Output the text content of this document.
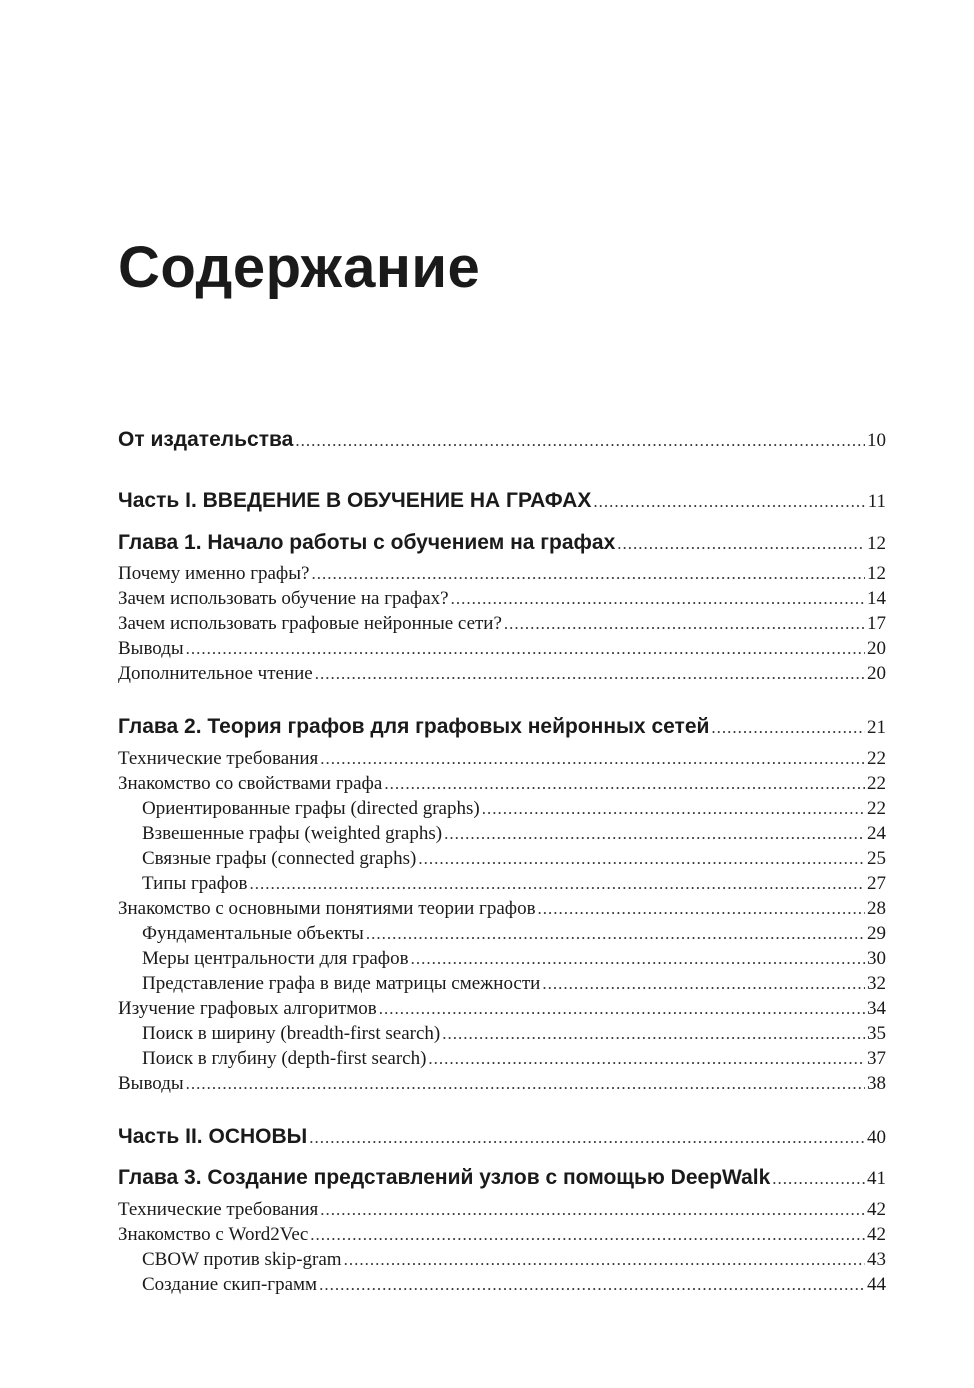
Содержание
От издательства .....	10
Часть I. ВВЕДЕНИЕ В ОБУЧЕНИЕ НА ГРАФАХ .....	11
Глава 1. Начало работы с обучением на графах .....	12
Почему именно графы? .....	12
Зачем использовать обучение на графах? .....	14
Зачем использовать графовые нейронные сети? .....	17
Выводы .....	20
Дополнительное чтение .....	20
Глава 2. Теория графов для графовых нейронных сетей .....	21
Технические требования .....	22
Знакомство со свойствами графа .....	22
Ориентированные графы (directed graphs) .....	22
Взвешенные графы (weighted graphs) .....	24
Связные графы (connected graphs) .....	25
Типы графов .....	27
Знакомство с основными понятиями теории графов .....	28
Фундаментальные объекты .....	29
Меры центральности для графов .....	30
Представление графа в виде матрицы смежности .....	32
Изучение графовых алгоритмов .....	34
Поиск в ширину (breadth-first search) .....	35
Поиск в глубину (depth-first search) .....	37
Выводы .....	38
Часть II. ОСНОВЫ .....	40
Глава 3. Создание представлений узлов с помощью DeepWalk .....	41
Технические требования .....	42
Знакомство с Word2Vec .....	42
CBOW против skip-gram .....	43
Создание скип-грамм .....	44
